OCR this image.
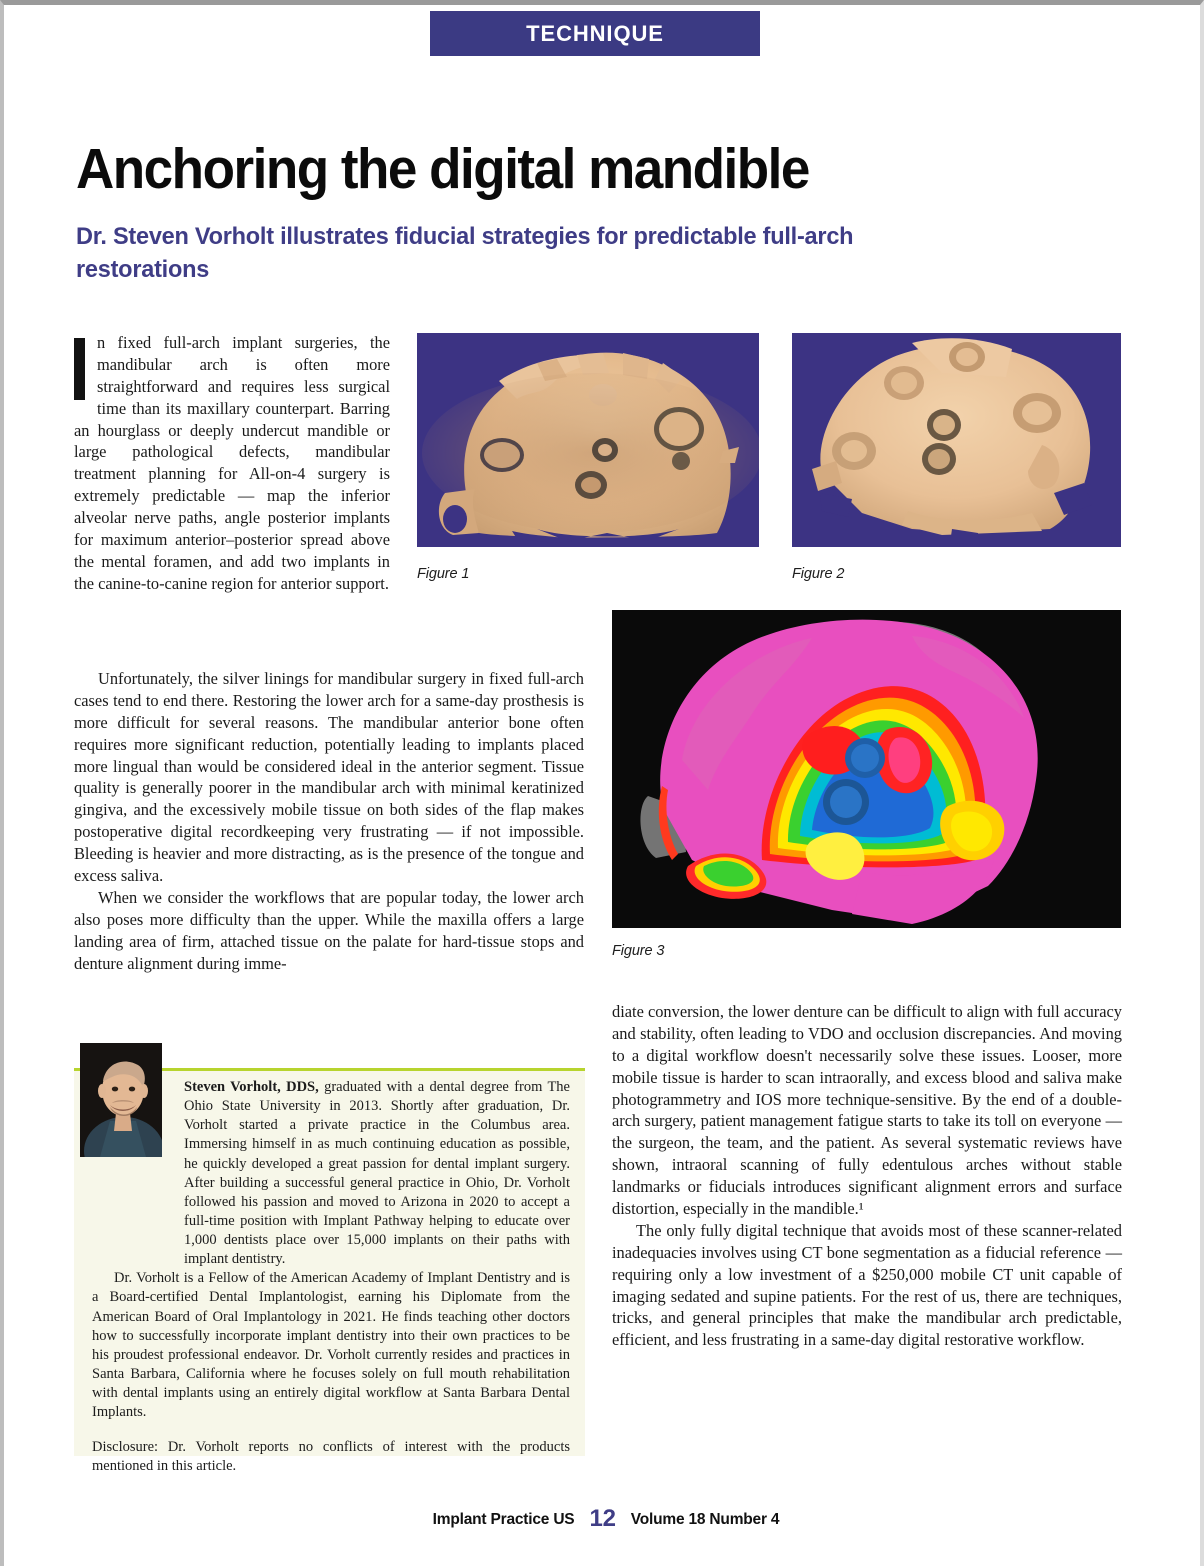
TECHNIQUE
Anchoring the digital mandible
Dr. Steven Vorholt illustrates fiducial strategies for predictable full-arch restorations

n fixed full-arch implant surgeries, the mandibular arch is often more straightforward and requires less surgical time than its maxillary counterpart. Barring an hourglass or deeply undercut mandible or large pathological defects, mandibular treatment planning for All-on-4 surgery is extremely predictable — map the inferior alveolar nerve paths, angle posterior implants for maximum anterior–posterior spread above the mental foramen, and add two implants in the canine-to-canine region for anterior support.

Unfortunately, the silver linings for mandibular surgery in fixed full-arch cases tend to end there. Restoring the lower arch for a same-day prosthesis is more difficult for several reasons. The mandibular anterior bone often requires more significant reduction, potentially leading to implants placed more lingual than would be considered ideal in the anterior segment. Tissue quality is generally poorer in the mandibular arch with minimal keratinized gingiva, and the excessively mobile tissue on both sides of the flap makes postoperative digital recordkeeping very frustrating — if not impossible. Bleeding is heavier and more distracting, as is the presence of the tongue and excess saliva.

When we consider the workflows that are popular today, the lower arch also poses more difficulty than the upper. While the maxilla offers a large landing area of firm, attached tissue on the palate for hard-tissue stops and denture alignment during imme-

Figure 1	Figure 2
Figure 3

diate conversion, the lower denture can be difficult to align with full accuracy and stability, often leading to VDO and occlusion discrepancies. And moving to a digital workflow doesn't necessarily solve these issues. Looser, more mobile tissue is harder to scan intraorally, and excess blood and saliva make photogrammetry and IOS more technique-sensitive. By the end of a double-arch surgery, patient management fatigue starts to take its toll on everyone — the surgeon, the team, and the patient. As several systematic reviews have shown, intraoral scanning of fully edentulous arches without stable landmarks or fiducials introduces significant alignment errors and surface distortion, especially in the mandible.¹

The only fully digital technique that avoids most of these scanner-related inadequacies involves using CT bone segmentation as a fiducial reference — requiring only a low investment of a $250,000 mobile CT unit capable of imaging sedated and supine patients. For the rest of us, there are techniques, tricks, and general principles that make the mandibular arch predictable, efficient, and less frustrating in a same-day digital restorative workflow.

Steven Vorholt, DDS, graduated with a dental degree from The Ohio State University in 2013. Shortly after graduation, Dr. Vorholt started a private practice in the Columbus area. Immersing himself in as much continuing education as possible, he quickly developed a great passion for dental implant surgery. After building a successful general practice in Ohio, Dr. Vorholt followed his passion and moved to Arizona in 2020 to accept a full-time position with Implant Pathway helping to educate over 1,000 dentists place over 15,000 implants on their paths with implant dentistry.

Dr. Vorholt is a Fellow of the American Academy of Implant Dentistry and is a Board-certified Dental Implantologist, earning his Diplomate from the American Board of Oral Implantology in 2021. He finds teaching other doctors how to successfully incorporate implant dentistry into their own practices to be his proudest professional endeavor. Dr. Vorholt currently resides and practices in Santa Barbara, California where he focuses solely on full mouth rehabilitation with dental implants using an entirely digital workflow at Santa Barbara Dental Implants.

Disclosure: Dr. Vorholt reports no conflicts of interest with the products mentioned in this article.

Implant Practice US 12 Volume 18 Number 4
